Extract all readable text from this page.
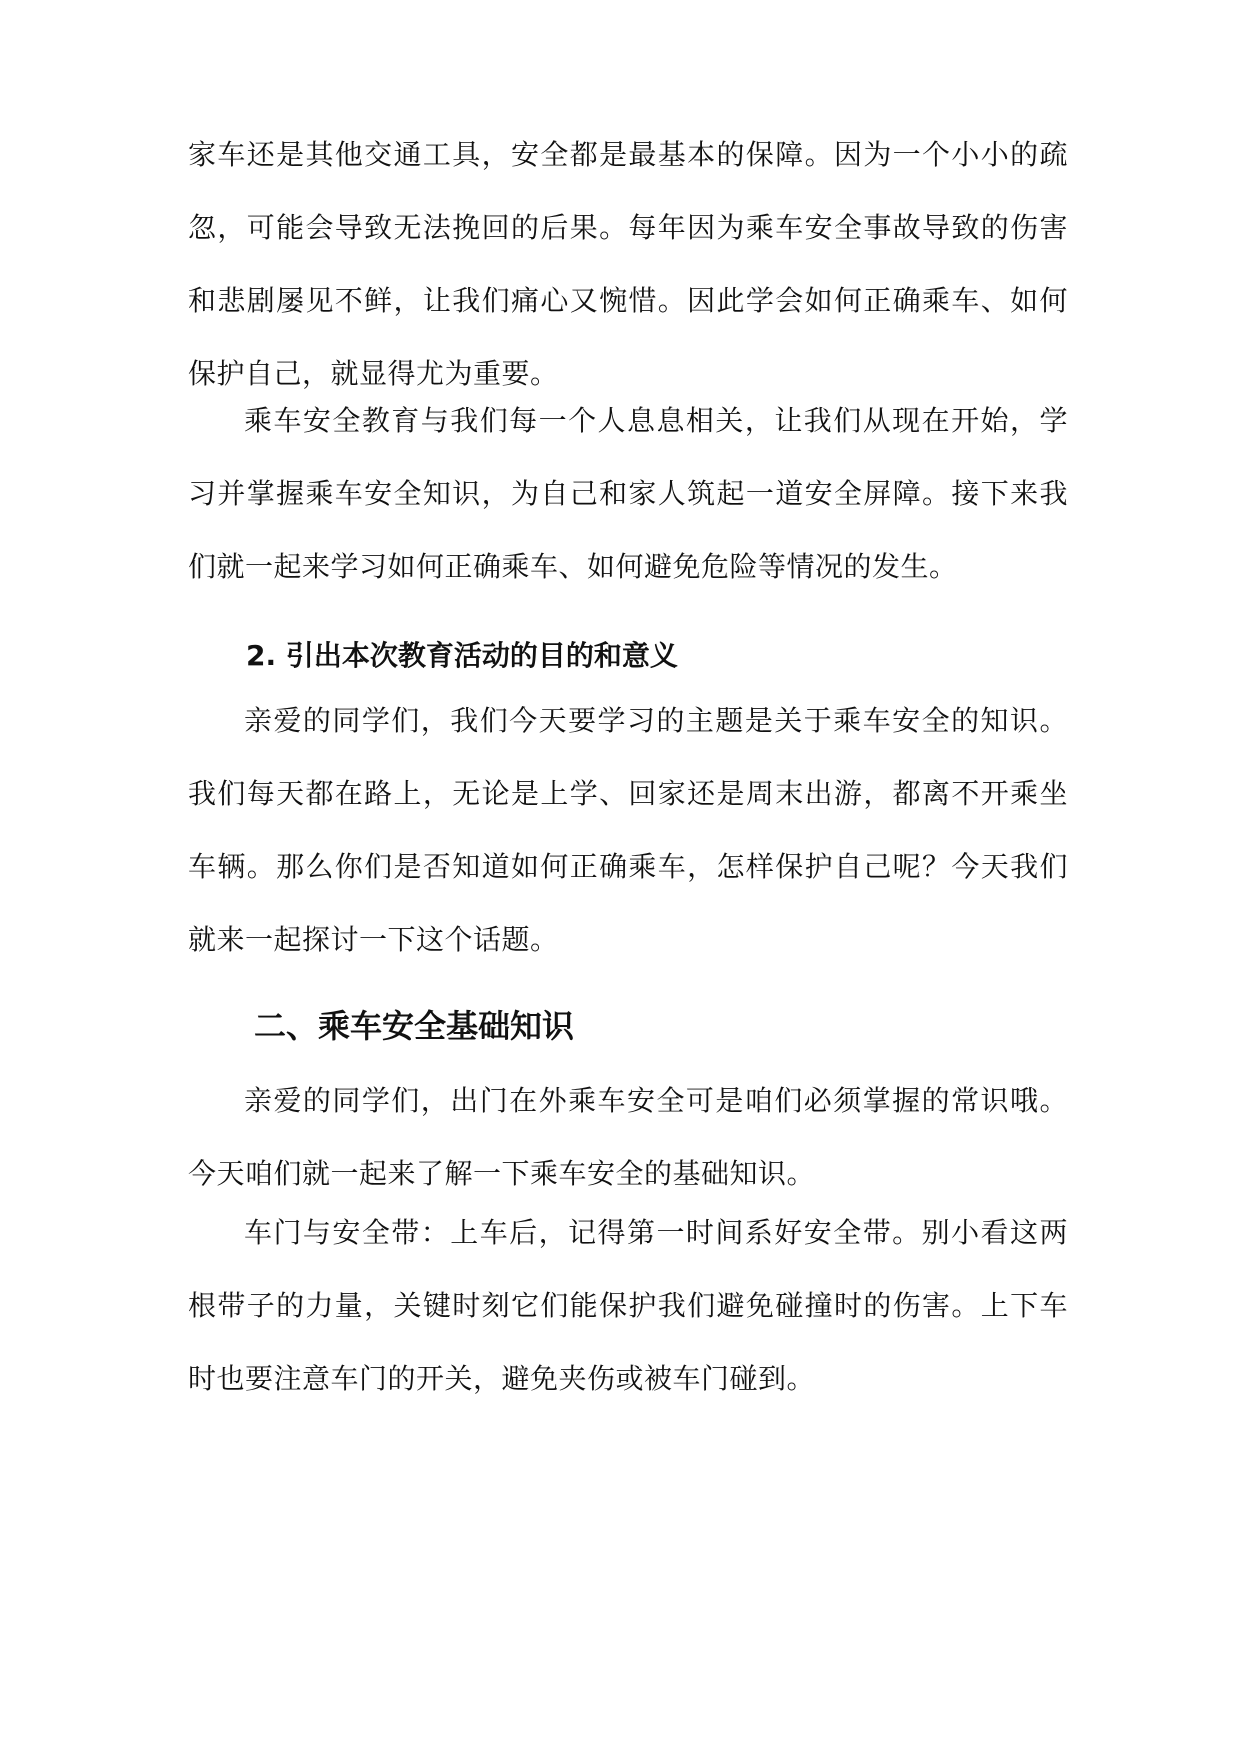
家车还是其他交通工具，安全都是最基本的保障。因为一个小小的疏忽，可能会导致无法挽回的后果。每年因为乘车安全事故导致的伤害和悲剧屡见不鲜，让我们痛心又惋惜。因此学会如何正确乘车、如何保护自己，就显得尤为重要。

乘车安全教育与我们每一个人息息相关，让我们从现在开始，学习并掌握乘车安全知识，为自己和家人筑起一道安全屏障。接下来我们就一起来学习如何正确乘车、如何避免危险等情况的发生。

2. 引出本次教育活动的目的和意义

亲爱的同学们，我们今天要学习的主题是关于乘车安全的知识。我们每天都在路上，无论是上学、回家还是周末出游，都离不开乘坐车辆。那么你们是否知道如何正确乘车，怎样保护自己呢？今天我们就来一起探讨一下这个话题。

二、乘车安全基础知识

亲爱的同学们，出门在外乘车安全可是咱们必须掌握的常识哦。今天咱们就一起来了解一下乘车安全的基础知识。

车门与安全带：上车后，记得第一时间系好安全带。别小看这两根带子的力量，关键时刻它们能保护我们避免碰撞时的伤害。上下车时也要注意车门的开关，避免夹伤或被车门碰到。
